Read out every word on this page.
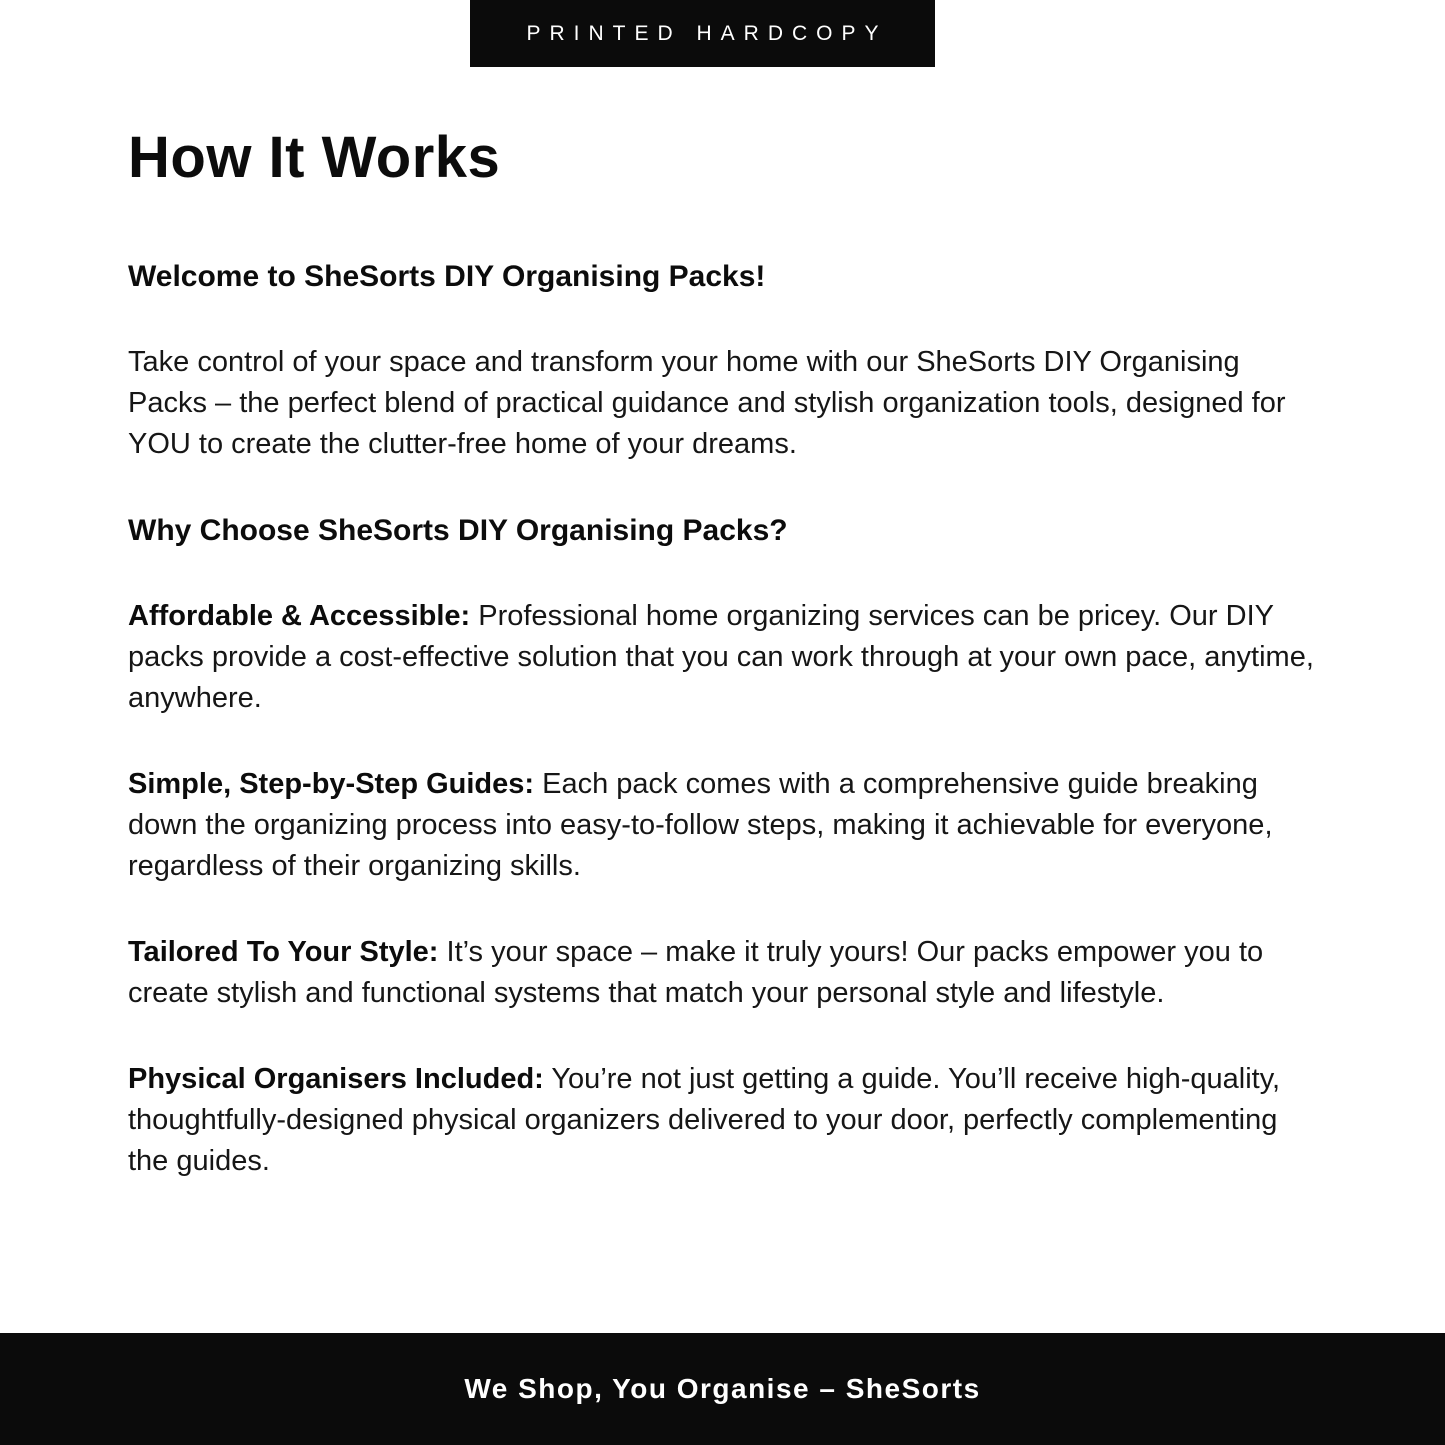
PRINTED HARDCOPY
How It Works

Welcome to SheSorts DIY Organising Packs!

Take control of your space and transform your home with our SheSorts DIY Organising Packs – the perfect blend of practical guidance and stylish organization tools, designed for YOU to create the clutter-free home of your dreams.

Why Choose SheSorts DIY Organising Packs?

Affordable & Accessible: Professional home organizing services can be pricey. Our DIY packs provide a cost-effective solution that you can work through at your own pace, anytime, anywhere.

Simple, Step-by-Step Guides: Each pack comes with a comprehensive guide breaking down the organizing process into easy-to-follow steps, making it achievable for everyone, regardless of their organizing skills.

Tailored To Your Style: It’s your space – make it truly yours! Our packs empower you to create stylish and functional systems that match your personal style and lifestyle.

Physical Organisers Included: You’re not just getting a guide. You’ll receive high-quality, thoughtfully-designed physical organizers delivered to your door, perfectly complementing the guides.

We Shop, You Organise – SheSorts
